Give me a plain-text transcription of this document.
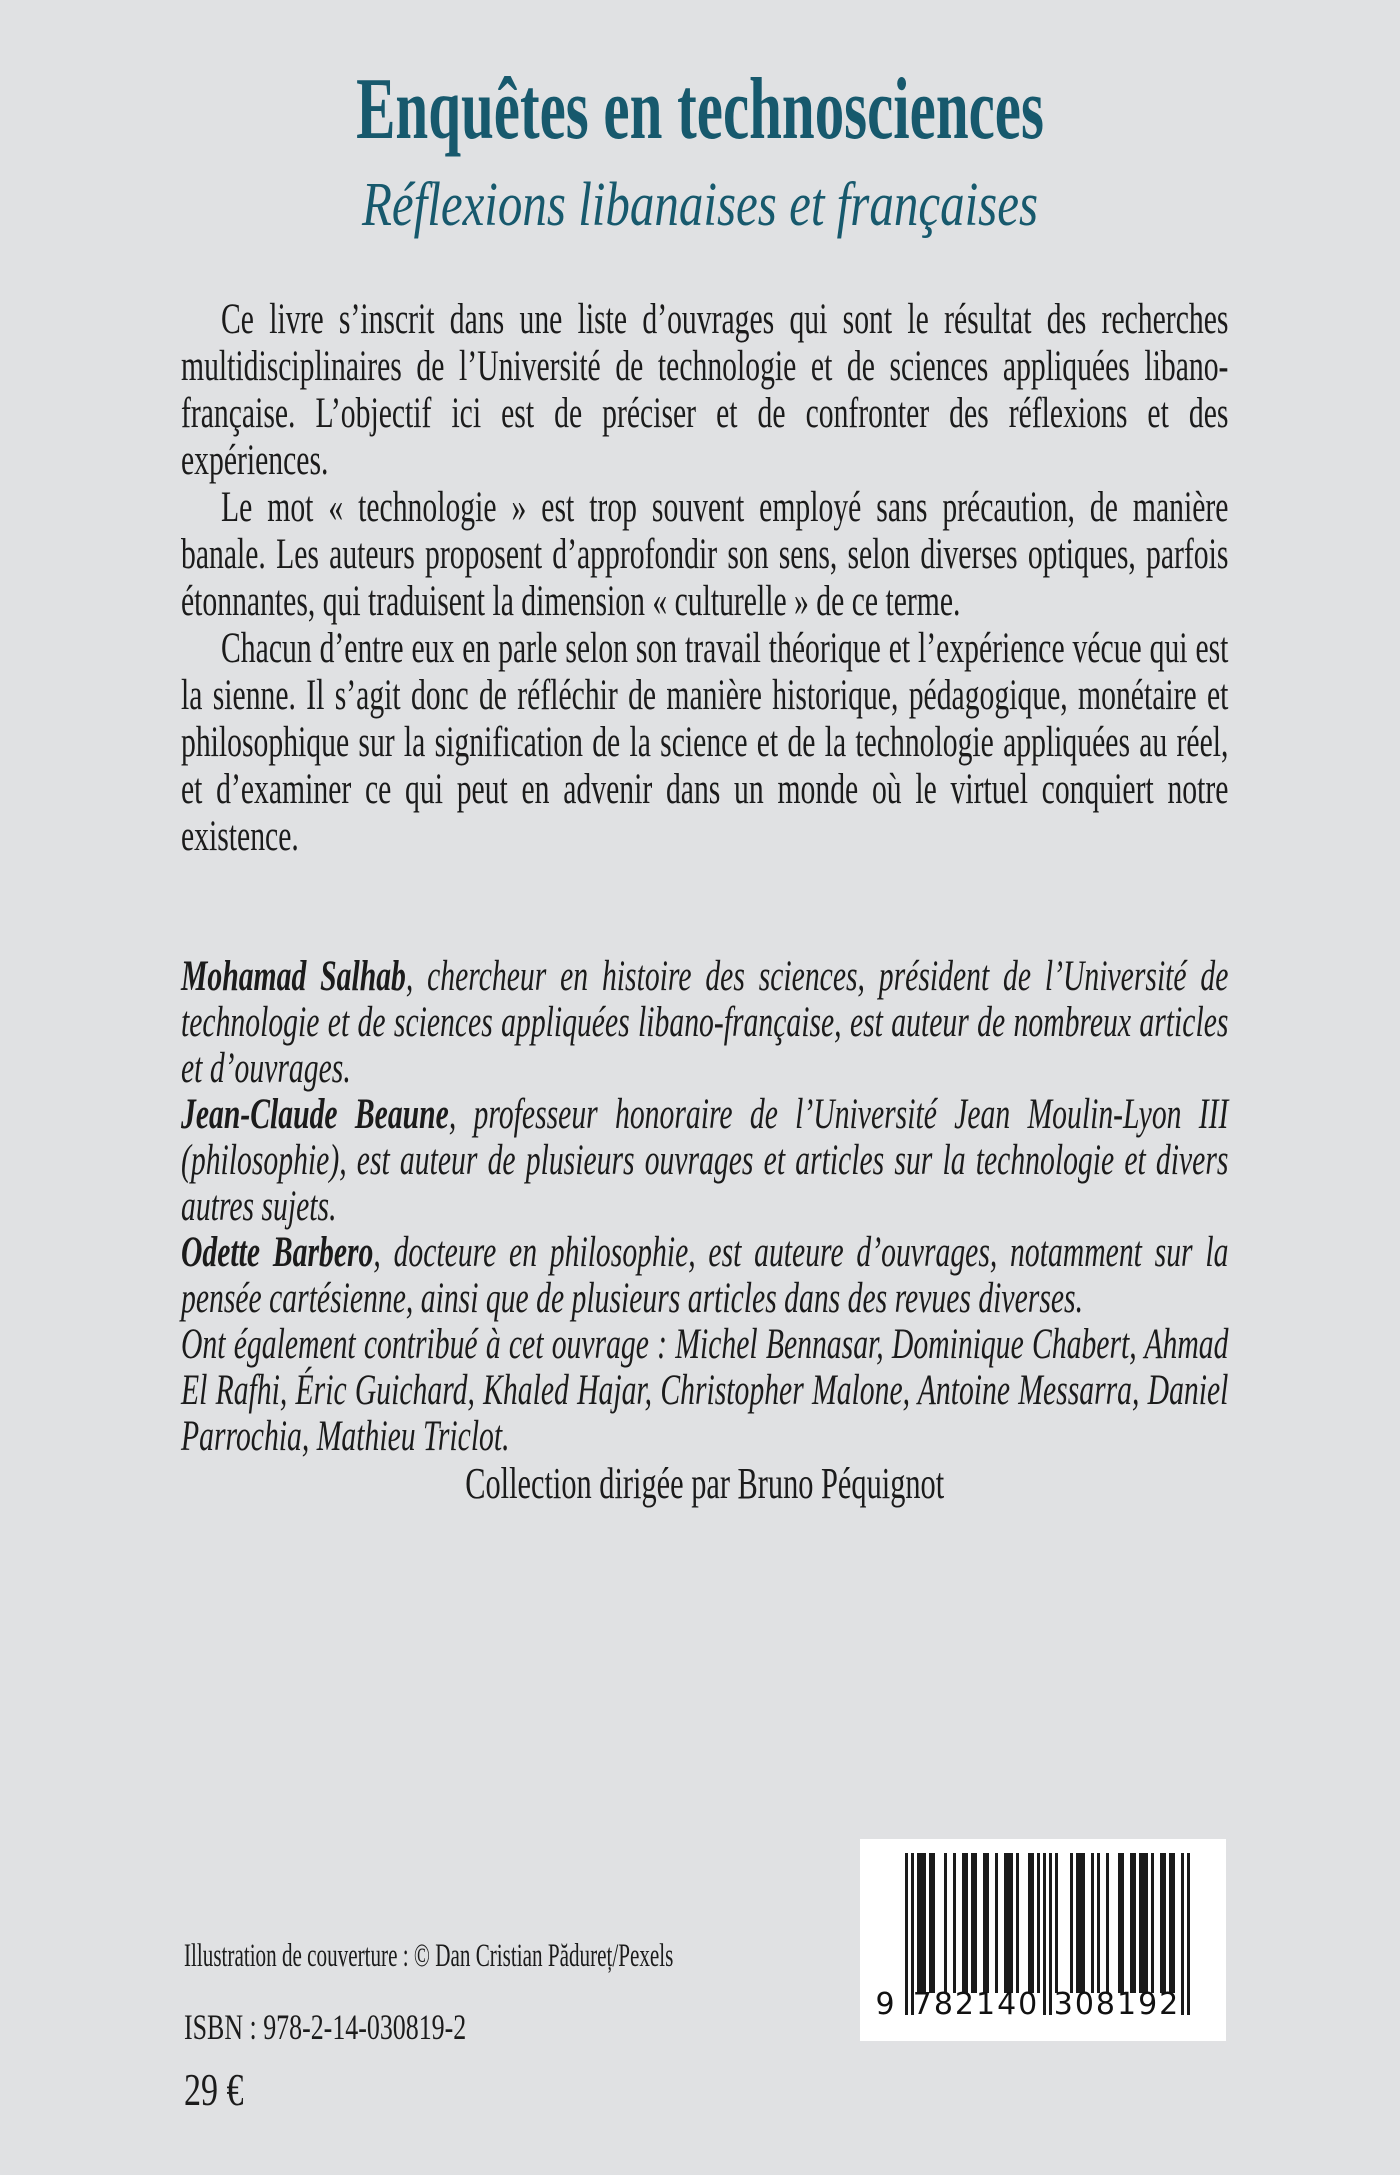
Enquêtes en technosciences
Réflexions libanaises et françaises

Ce livre s’inscrit dans une liste d’ouvrages qui sont le résultat des recherches multidisciplinaires de l’Université de technologie et de sciences appliquées libano-française. L’objectif ici est de préciser et de confronter des réflexions et des expériences.

Le mot « technologie » est trop souvent employé sans précaution, de manière banale. Les auteurs proposent d’approfondir son sens, selon diverses optiques, parfois étonnantes, qui traduisent la dimension « culturelle » de ce terme.

Chacun d’entre eux en parle selon son travail théorique et l’expérience vécue qui est la sienne. Il s’agit donc de réfléchir de manière historique, pédagogique, monétaire et philosophique sur la signification de la science et de la technologie appliquées au réel, et d’examiner ce qui peut en advenir dans un monde où le virtuel conquiert notre existence.

Mohamad Salhab, chercheur en histoire des sciences, président de l’Université de technologie et de sciences appliquées libano-française, est auteur de nombreux articles et d’ouvrages.

Jean-Claude Beaune, professeur honoraire de l’Université Jean Moulin-Lyon III (philosophie), est auteur de plusieurs ouvrages et articles sur la technologie et divers autres sujets.

Odette Barbero, docteure en philosophie, est auteure d’ouvrages, notamment sur la pensée cartésienne, ainsi que de plusieurs articles dans des revues diverses.

Ont également contribué à cet ouvrage : Michel Bennasar, Dominique Chabert, Ahmad El Rafhi, Éric Guichard, Khaled Hajar, Christopher Malone, Antoine Messarra, Daniel Parrochia, Mathieu Triclot.

Collection dirigée par Bruno Péquignot

9 782140 308192
Illustration de couverture : © Dan Cristian Pădureț/Pexels
ISBN : 978-2-14-030819-2
29 €
